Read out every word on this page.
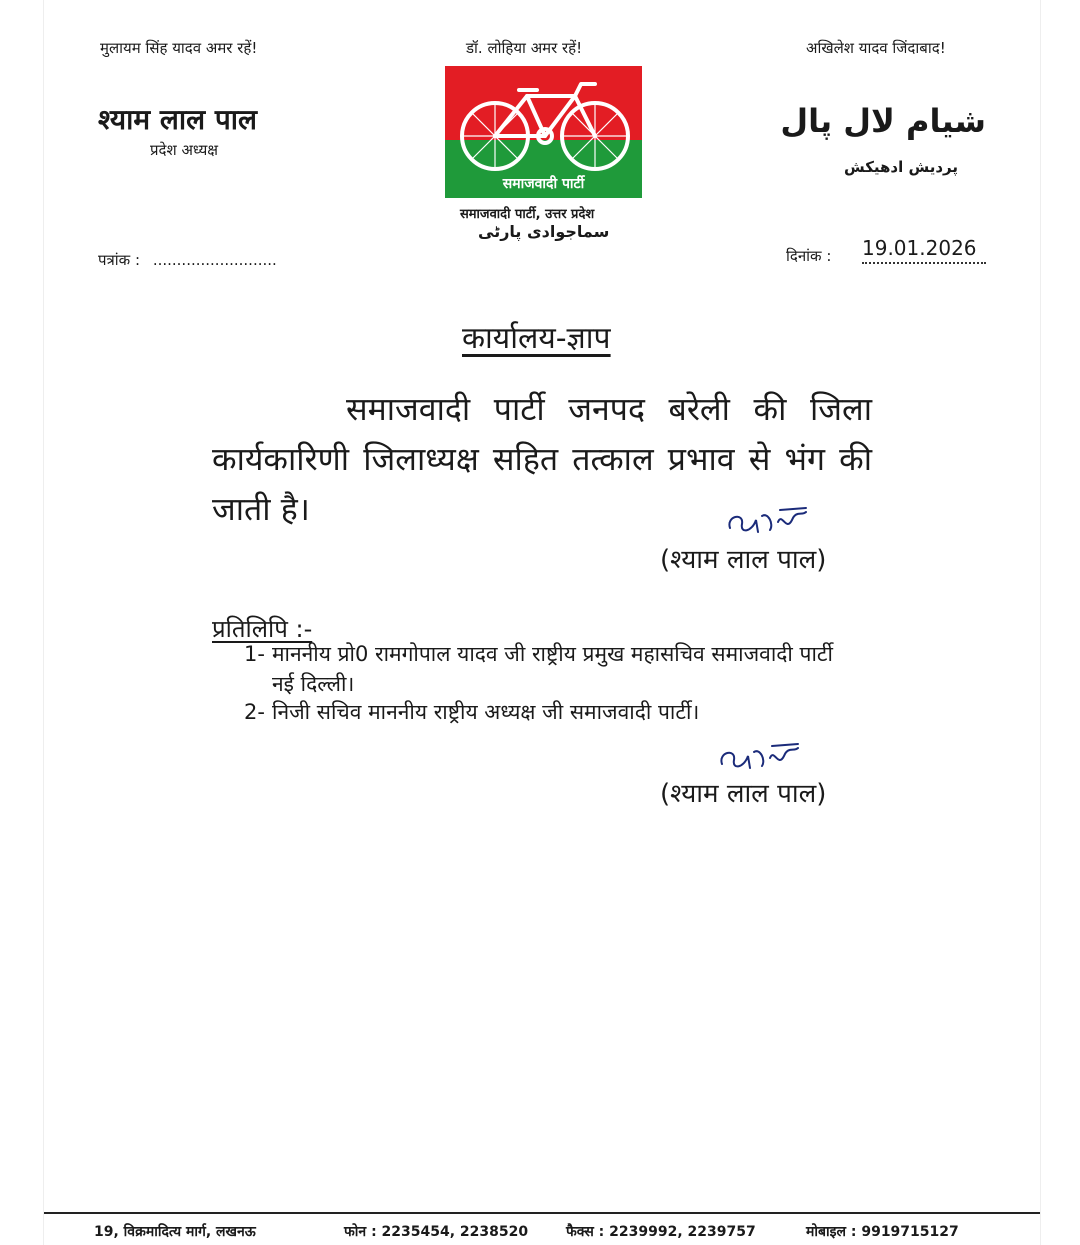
मुलायम सिंह यादव अमर रहें!	डॉ. लोहिया अमर रहें!	अखिलेश यादव जिंदाबाद!
श्याम लाल पाल
प्रदेश अध्यक्ष
شیام لال پال
پردیش ادھیکش
समाजवादी पार्टी
समाजवादी पार्टी, उत्तर प्रदेश
سماجوادی پارٹی
पत्रांक : ..........................	दिनांक : 19.01.2026
कार्यालय-ज्ञाप
समाजवादी पार्टी जनपद बरेली की जिला कार्यकारिणी जिलाध्यक्ष सहित तत्काल प्रभाव से भंग की जाती है।
(श्याम लाल पाल)
प्रतिलिपि :-
1- माननीय प्रो0 रामगोपाल यादव जी राष्ट्रीय प्रमुख महासचिव समाजवादी पार्टी
नई दिल्ली।
2- निजी सचिव माननीय राष्ट्रीय अध्यक्ष जी समाजवादी पार्टी।
(श्याम लाल पाल)
19, विक्रमादित्य मार्ग, लखनऊ	फोन : 2235454, 2238520	फैक्स : 2239992, 2239757	मोबाइल : 9919715127
